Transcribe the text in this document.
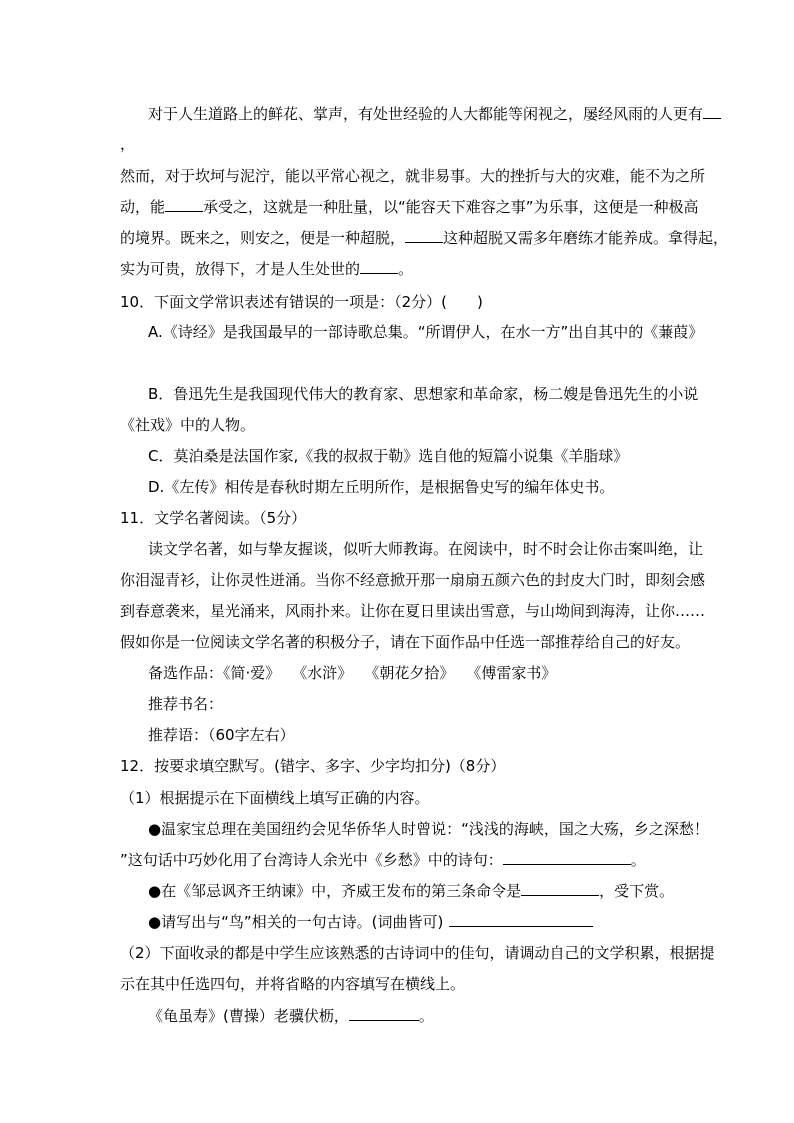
对于人生道路上的鲜花、掌声，有处世经验的人大都能等闲视之，屡经风雨的人更有
，
然而，对于坎坷与泥泞，能以平常心视之，就非易事。大的挫折与大的灾难，能不为之所
动，能	承受之，这就是一种肚量，以“能容天下难容之事”为乐事，这便是一种极高
的境界。既来之，则安之，便是一种超脱，	这种超脱又需多年磨练才能养成。拿得起，
实为可贵，放得下，才是人生处世的	。
10．下面文学常识表述有错误的一项是：（2分）(　　)
A.《诗经》是我国最早的一部诗歌总集。“所谓伊人，在水一方”出自其中的《蒹葭》
B．鲁迅先生是我国现代伟大的教育家、思想家和革命家，杨二嫂是鲁迅先生的小说
《社戏》中的人物。
C．莫泊桑是法国作家,《我的叔叔于勒》选自他的短篇小说集《羊脂球》
D.《左传》相传是春秋时期左丘明所作，是根据鲁史写的编年体史书。
11．文学名著阅读。（5分）
读文学名著，如与挚友握谈，似听大师教诲。在阅读中，时不时会让你击案叫绝，让
你泪湿青衫，让你灵性迸涌。当你不经意掀开那一扇扇五颜六色的封皮大门时，即刻会感
到春意袭来，星光涌来，风雨扑来。让你在夏日里读出雪意，与山坳间到海涛，让你……
假如你是一位阅读文学名著的积极分子，请在下面作品中任选一部推荐给自己的好友。
备选作品：《简·爱》 《水浒》 《朝花夕拾》 《傅雷家书》
推荐书名：
推荐语：（60字左右）
12．按要求填空默写。(错字、多字、少字均扣分)（8分）
（1）根据提示在下面横线上填写正确的内容。
●温家宝总理在美国纽约会见华侨华人时曾说：“浅浅的海峡，国之大殇，乡之深愁！
”这句话中巧妙化用了台湾诗人余光中《乡愁》中的诗句：	。
●在《邹忌讽齐王纳谏》中，齐威王发布的第三条命令是	，受下赏。
●请写出与“鸟”相关的一句古诗。(词曲皆可)
（2）下面收录的都是中学生应该熟悉的古诗词中的佳句，请调动自己的文学积累，根据提
示在其中任选四句，并将省略的内容填写在横线上。
《龟虽寿》(曹操）老骥伏枥，	。
